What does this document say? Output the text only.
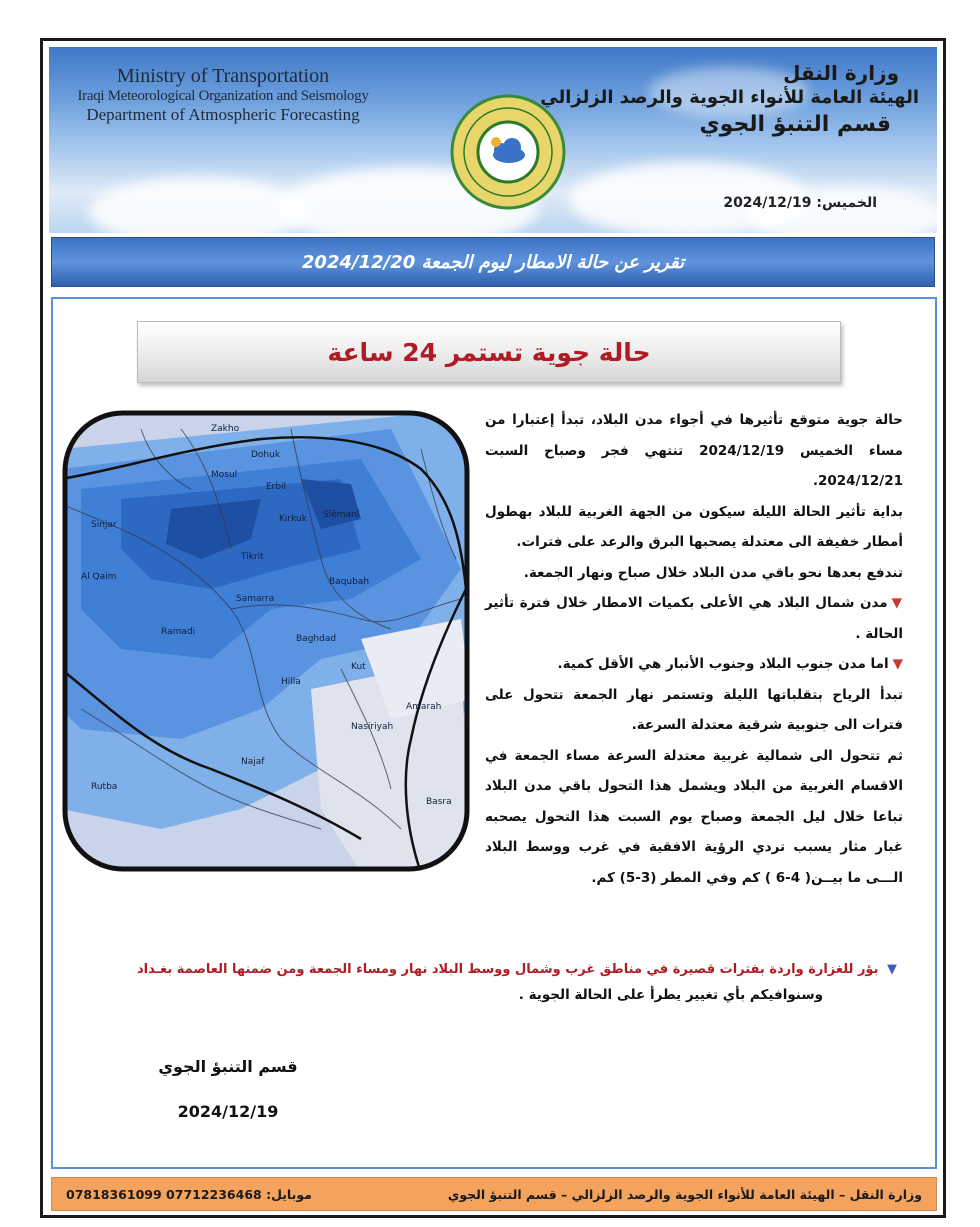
Ministry of Transportation
Iraqi Meteorological Organization and Seismology
Department of Atmospheric Forecasting
وزارة النقل
الهيئة العامة للأنواء الجوية والرصد الزلزالي
قسم التنبؤ الجوي
الخميس: 2024/12/19
تقرير عن حالة الامطار ليوم الجمعة 2024/12/20
حالة جوية تستمر 24 ساعة
Zakho
Dohuk
Mosul
Erbil
Slēmanî
Kirkuk
Tikrit
Samarra
Baqubah
Baghdad
Ramadi
Hilla
Kut
Amarah
Nasiriyah
Basra
Najaf
Rutba
Sinjar
Al Qaim

حالة جوية متوقع تأثيرها في أجواء مدن البلاد، تبدأ إعتبارا من مساء الخميس 2024/12/19 تنتهي فجر وصباح السبت 2024/12/21.

بداية تأثير الحالة الليلة سيكون من الجهة الغربية للبلاد بهطول أمطار خفيفة الى معتدلة يصحبها البرق والرعد على فترات.

تندفع بعدها نحو باقي مدن البلاد خلال صباح ونهار الجمعة.

▼مدن شمال البلاد هي الأعلى بكميات الامطار خلال فترة تأثير الحالة .

▼اما مدن جنوب البلاد وجنوب الأنبار هي الأقل كمية.

تبدأ الرياح بتقلباتها الليلة وتستمر نهار الجمعة تتحول على فترات الى جنوبية شرقية معتدلة السرعة.

ثم تتحول الى شمالية غربية معتدلة السرعة مساء الجمعة في الاقسام الغربية من البلاد ويشمل هذا التحول باقي مدن البلاد تباعا خلال ليل الجمعة وصباح يوم السبت هذا التحول يصحبه غبار مثار يسبب تردي الرؤية الافقية في غرب ووسط البلاد الـــى ما بيــن( 4-6 ) كم وفي المطر (3-5) كم.

▼ بؤر للغزارة واردة بفترات قصيرة في مناطق غرب وشمال ووسط البلاد نهار ومساء الجمعة ومن ضمنها العاصمة بغـداد
وسنوافيكم بأي تغيير يطرأ على الحالة الجوية .
قسم التنبؤ الجوي
2024/12/19
موبايل: 07712236468 07818361099	وزارة النقل – الهيئة العامة للأنواء الجوية والرصد الزلزالي – قسم التنبؤ الجوي
